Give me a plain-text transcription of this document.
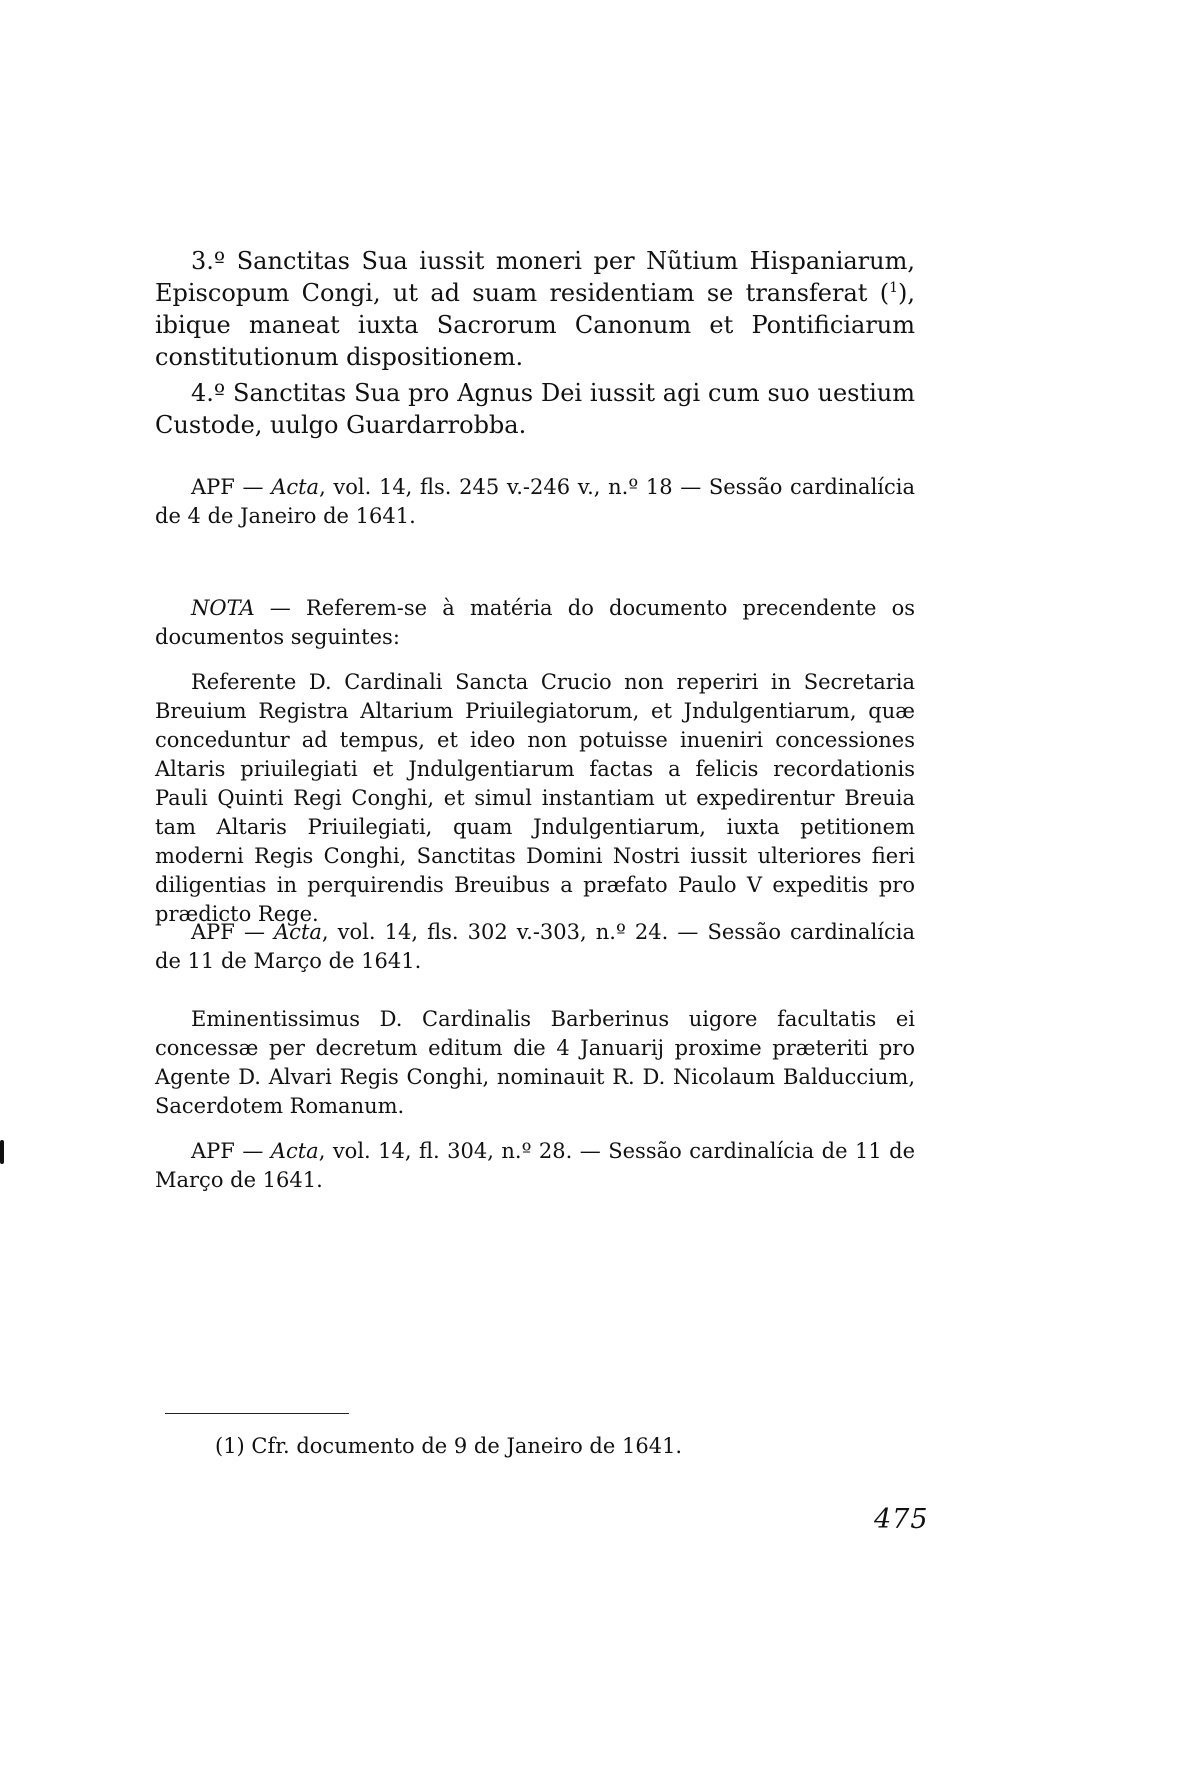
3.º Sanctitas Sua iussit moneri per Nũtium Hispaniarum, Episcopum Congi, ut ad suam residentiam se transferat ($^1$), ibique maneat iuxta Sacrorum Canonum et Pontificiarum constitutionum dispositionem.

4.º Sanctitas Sua pro Agnus Dei iussit agi cum suo uestium Custode, uulgo Guardarrobba.

APF — Acta, vol. 14, fls. 245 v.-246 v., n.º 18 — Sessão cardinalícia de 4 de Janeiro de 1641.

NOTA — Referem-se à matéria do documento precendente os documentos seguintes:

Referente D. Cardinali Sancta Crucio non reperiri in Secretaria Breuium Registra Altarium Priuilegiatorum, et Jndulgentiarum, quæ conceduntur ad tempus, et ideo non potuisse inueniri concessiones Altaris priuilegiati et Jndulgentiarum factas a felicis recordationis Pauli Quinti Regi Conghi, et simul instantiam ut expedirentur Breuia tam Altaris Priuilegiati, quam Jndulgentiarum, iuxta petitionem moderni Regis Conghi, Sanctitas Domini Nostri iussit ulteriores fieri diligentias in perquirendis Breuibus a præfato Paulo V expeditis pro prædicto Rege.

APF — Acta, vol. 14, fls. 302 v.-303, n.º 24. — Sessão cardinalícia de 11 de Março de 1641.

Eminentissimus D. Cardinalis Barberinus uigore facultatis ei concessæ per decretum editum die 4 Januarij proxime præteriti pro Agente D. Alvari Regis Conghi, nominauit R. D. Nicolaum Balduccium, Sacerdotem Romanum.

APF — Acta, vol. 14, fl. 304, n.º 28. — Sessão cardinalícia de 11 de Março de 1641.

(1) Cfr. documento de 9 de Janeiro de 1641.
475
